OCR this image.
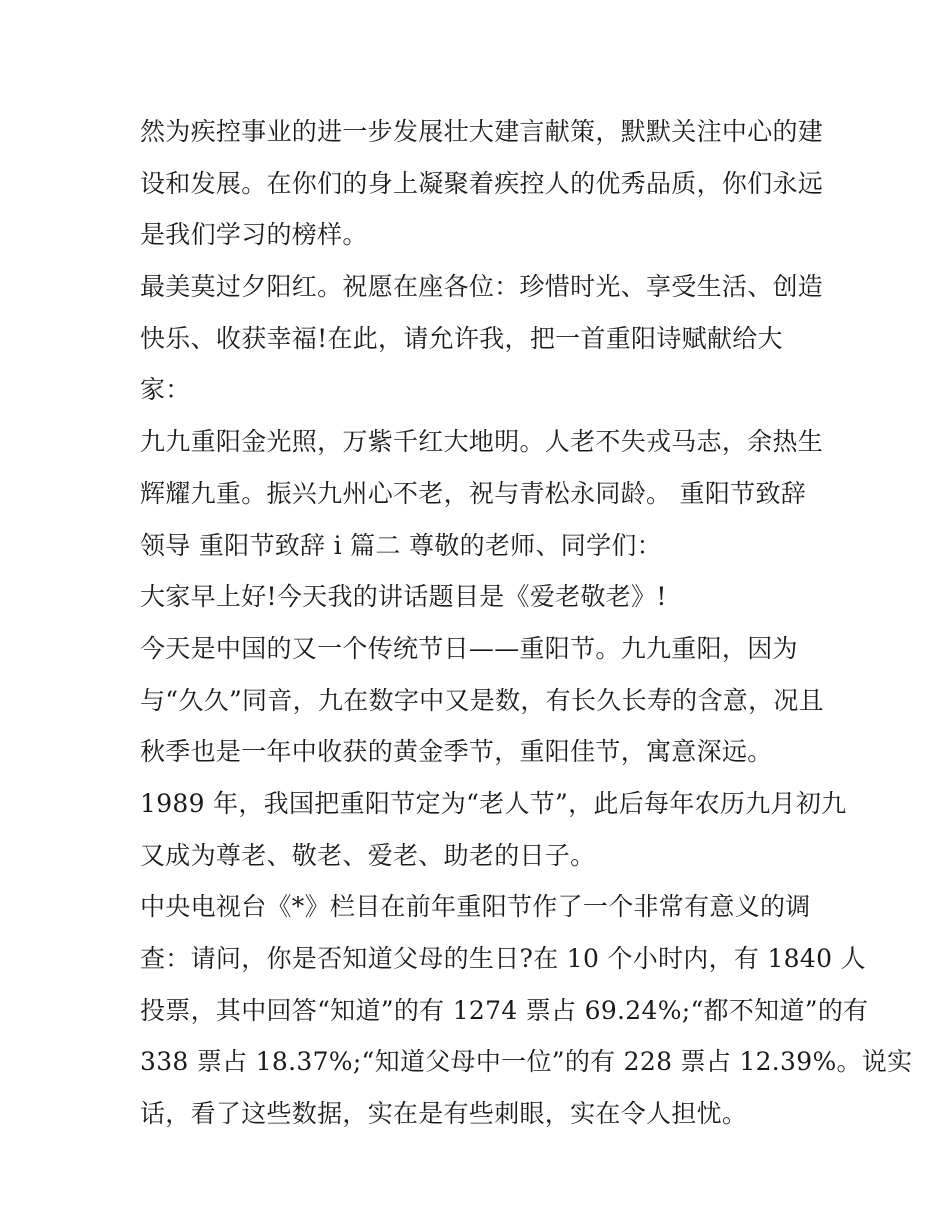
然为疾控事业的进一步发展壮大建言献策，默默关注中心的建
设和发展。在你们的身上凝聚着疾控人的优秀品质，你们永远
是我们学习的榜样。
最美莫过夕阳红。祝愿在座各位：珍惜时光、享受生活、创造
快乐、收获幸福!在此，请允许我，把一首重阳诗赋献给大
家：
九九重阳金光照，万紫千红大地明。人老不失戎马志，余热生
辉耀九重。振兴九州心不老，祝与青松永同龄。 重阳节致辞
领导 重阳节致辞 i 篇二 尊敬的老师、同学们：
大家早上好!今天我的讲话题目是《爱老敬老》!
今天是中国的又一个传统节日——重阳节。九九重阳，因为
与“久久”同音，九在数字中又是数，有长久长寿的含意，况且
秋季也是一年中收获的黄金季节，重阳佳节，寓意深远。
1989 年，我国把重阳节定为“老人节”，此后每年农历九月初九
又成为尊老、敬老、爱老、助老的日子。
中央电视台《*》栏目在前年重阳节作了一个非常有意义的调
查：请问，你是否知道父母的生日?在 10 个小时内，有 1840 人
投票，其中回答“知道”的有 1274 票占 69.24%;“都不知道”的有
338 票占 18.37%;“知道父母中一位”的有 228 票占 12.39%。说实
话，看了这些数据，实在是有些刺眼，实在令人担忧。
